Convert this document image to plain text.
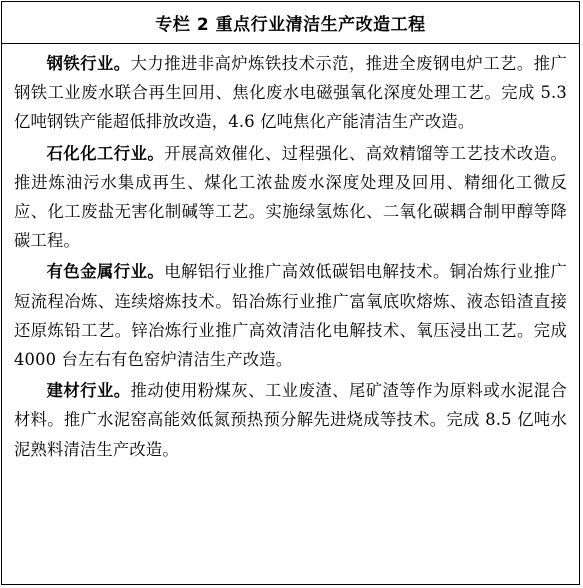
专栏 2 重点行业清洁生产改造工程

钢铁行业。大力推进非高炉炼铁技术示范，推进全废钢电炉工艺。推广钢铁工业废水联合再生回用、焦化废水电磁强氧化深度处理工艺。完成 5.3 亿吨钢铁产能超低排放改造，4.6 亿吨焦化产能清洁生产改造。

石化化工行业。开展高效催化、过程强化、高效精馏等工艺技术改造。推进炼油污水集成再生、煤化工浓盐废水深度处理及回用、精细化工微反应、化工废盐无害化制碱等工艺。实施绿氢炼化、二氧化碳耦合制甲醇等降碳工程。

有色金属行业。电解铝行业推广高效低碳铝电解技术。铜冶炼行业推广短流程冶炼、连续熔炼技术。铅冶炼行业推广富氧底吹熔炼、液态铅渣直接还原炼铅工艺。锌冶炼行业推广高效清洁化电解技术、氧压浸出工艺。完成 4000 台左右有色窑炉清洁生产改造。

建材行业。推动使用粉煤灰、工业废渣、尾矿渣等作为原料或水泥混合材料。推广水泥窑高能效低氮预热预分解先进烧成等技术。完成 8.5 亿吨水泥熟料清洁生产改造。
